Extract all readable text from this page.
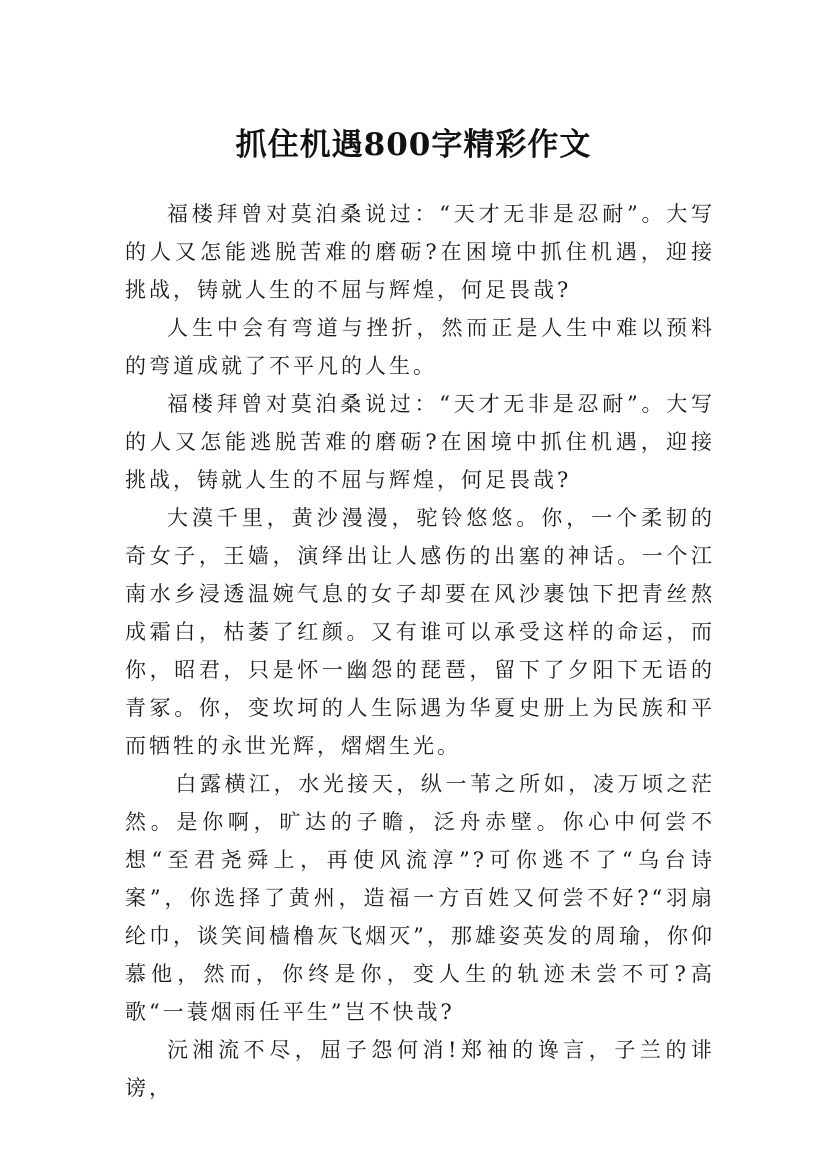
抓住机遇800字精彩作文

福楼拜曾对莫泊桑说过：“天才无非是忍耐”。大写的人又怎能逃脱苦难的磨砺?在困境中抓住机遇，迎接挑战，铸就人生的不屈与辉煌，何足畏哉?

人生中会有弯道与挫折，然而正是人生中难以预料的弯道成就了不平凡的人生。

福楼拜曾对莫泊桑说过：“天才无非是忍耐”。大写的人又怎能逃脱苦难的磨砺?在困境中抓住机遇，迎接挑战，铸就人生的不屈与辉煌，何足畏哉?

大漠千里，黄沙漫漫，驼铃悠悠。你，一个柔韧的奇女子，王嫱，演绎出让人感伤的出塞的神话。一个江南水乡浸透温婉气息的女子却要在风沙裹蚀下把青丝熬成霜白，枯萎了红颜。又有谁可以承受这样的命运，而你，昭君，只是怀一幽怨的琵琶，留下了夕阳下无语的青冢。你，变坎坷的人生际遇为华夏史册上为民族和平而牺牲的永世光辉，熠熠生光。

白露横江，水光接天，纵一苇之所如，凌万顷之茫然。是你啊，旷达的子瞻，泛舟赤壁。你心中何尝不想“至君尧舜上，再使风流淳”?可你逃不了“乌台诗案”，你选择了黄州，造福一方百姓又何尝不好?“羽扇纶巾，谈笑间樯橹灰飞烟灭”，那雄姿英发的周瑜，你仰慕他，然而，你终是你，变人生的轨迹未尝不可?高歌“一蓑烟雨任平生”岂不快哉?

沅湘流不尽，屈子怨何消!郑袖的谗言，子兰的诽谤，
